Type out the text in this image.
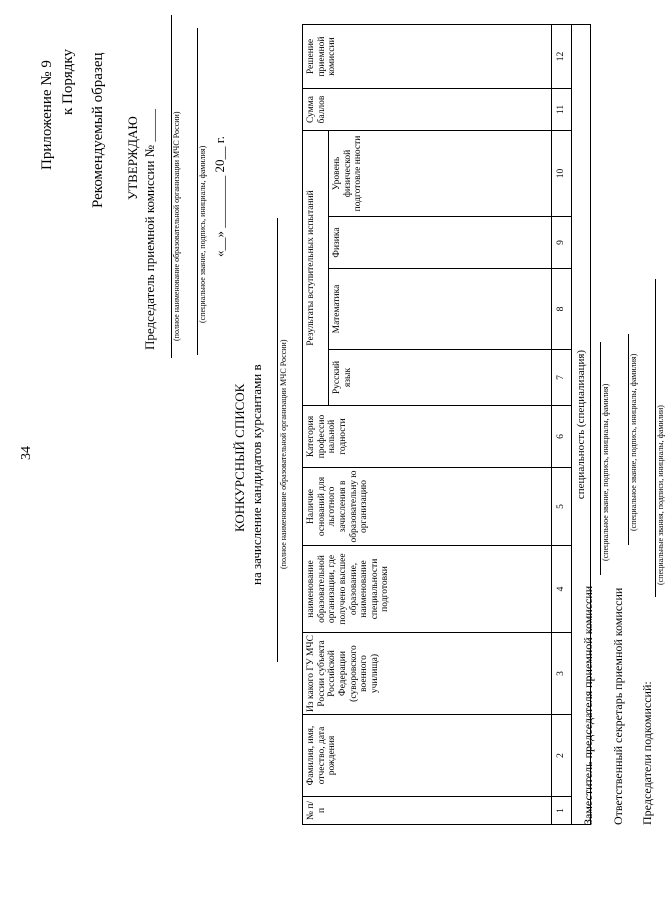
34
Приложение № 9 к Порядку Рекомендуемый образец УТВЕРЖДАЮ Председатель приемной комиссии № _____ (полное наименование образовательной организации МЧС России) (специальное звание, подпись, инициалы, фамилия) «__» ________ 20__ г.
КОНКУРСНЫЙ СПИСОК на зачисление кандидатов курсантами в (полное наименование образовательной организации МЧС России)
№ п/п	Фамилия, имя, отчество, дата рождения	Из какого ГУ МЧС России субъекта Российской Федерации (суворовского военного училища)	наименование образовательной организации, где получено высшее образование, наименование специальности подготовки	Наличие оснований для льготного зачисления в образовательну ю организацию	Категория профессио нальной годности	Результаты вступительных испытаний				Сумма баллов	Решение приемной комиссии
						Русский язык	Математика	Физика	Уровень физической подготовле нности		
1	2	3	4	5	6	7	8	9	10	11	12
специальность (специализация)											
Заместитель председателя приемной комиссии
(специальное звание, подпись, инициалы, фамилия)
Ответственный секретарь приемной комиссии
(специальное звание, подпись, инициалы, фамилия)
Председатели подкомиссий:
(специальные звания, подписи, инициалы, фамилии)
